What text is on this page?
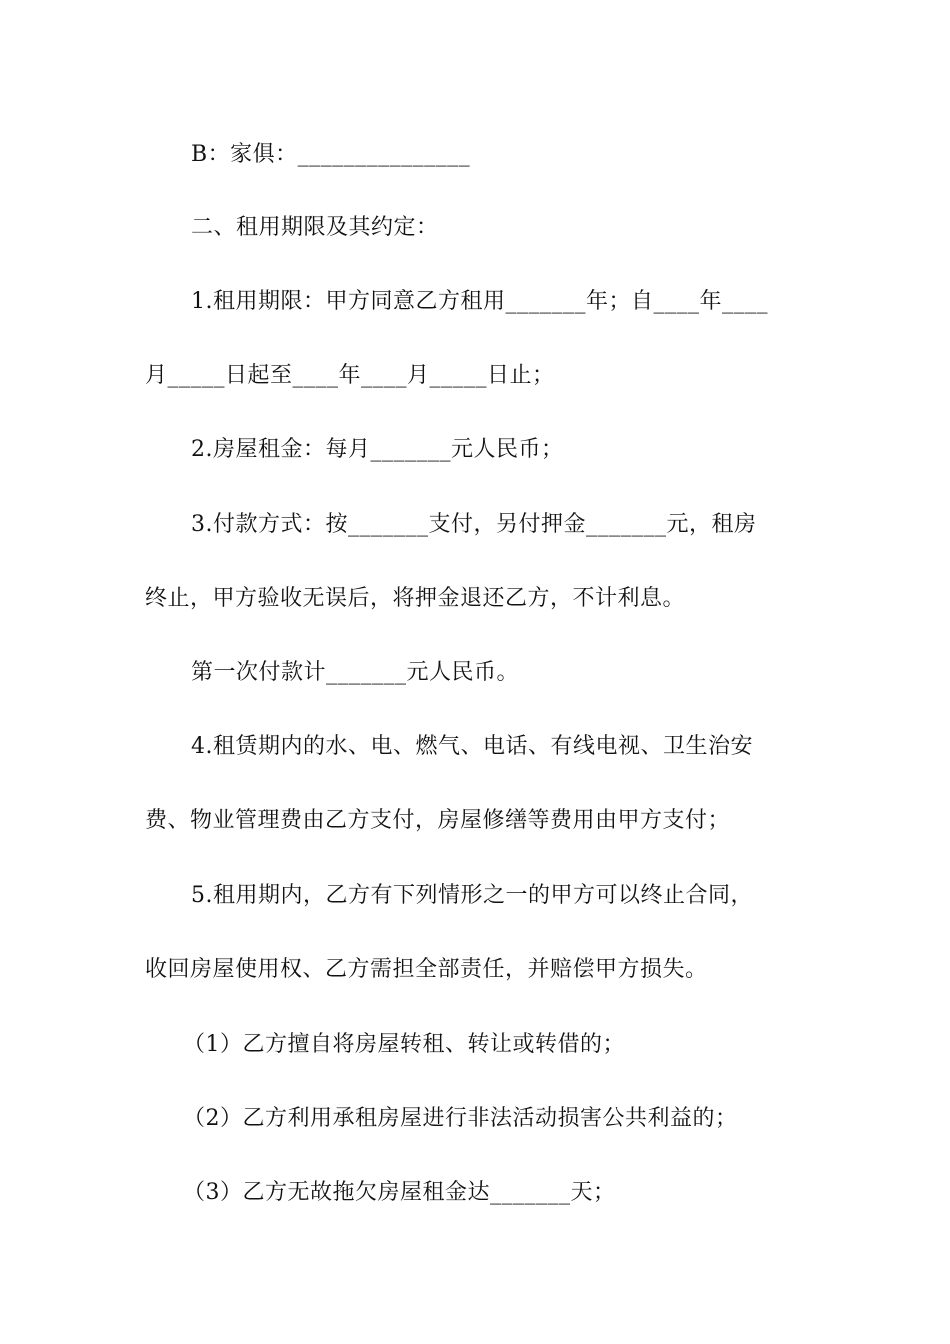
B：家俱：_______________
二、租用期限及其约定：
1.租用期限：甲方同意乙方租用_______年；自____年____
月_____日起至____年____月_____日止；
2.房屋租金：每月_______元人民币；
3.付款方式：按_______支付，另付押金_______元，租房
终止，甲方验收无误后，将押金退还乙方，不计利息。
第一次付款计_______元人民币。
4.租赁期内的水、电、燃气、电话、有线电视、卫生治安
费、物业管理费由乙方支付，房屋修缮等费用由甲方支付；
5.租用期内，乙方有下列情形之一的甲方可以终止合同，
收回房屋使用权、乙方需担全部责任，并赔偿甲方损失。
（1）乙方擅自将房屋转租、转让或转借的；
（2）乙方利用承租房屋进行非法活动损害公共利益的；
（3）乙方无故拖欠房屋租金达_______天；
